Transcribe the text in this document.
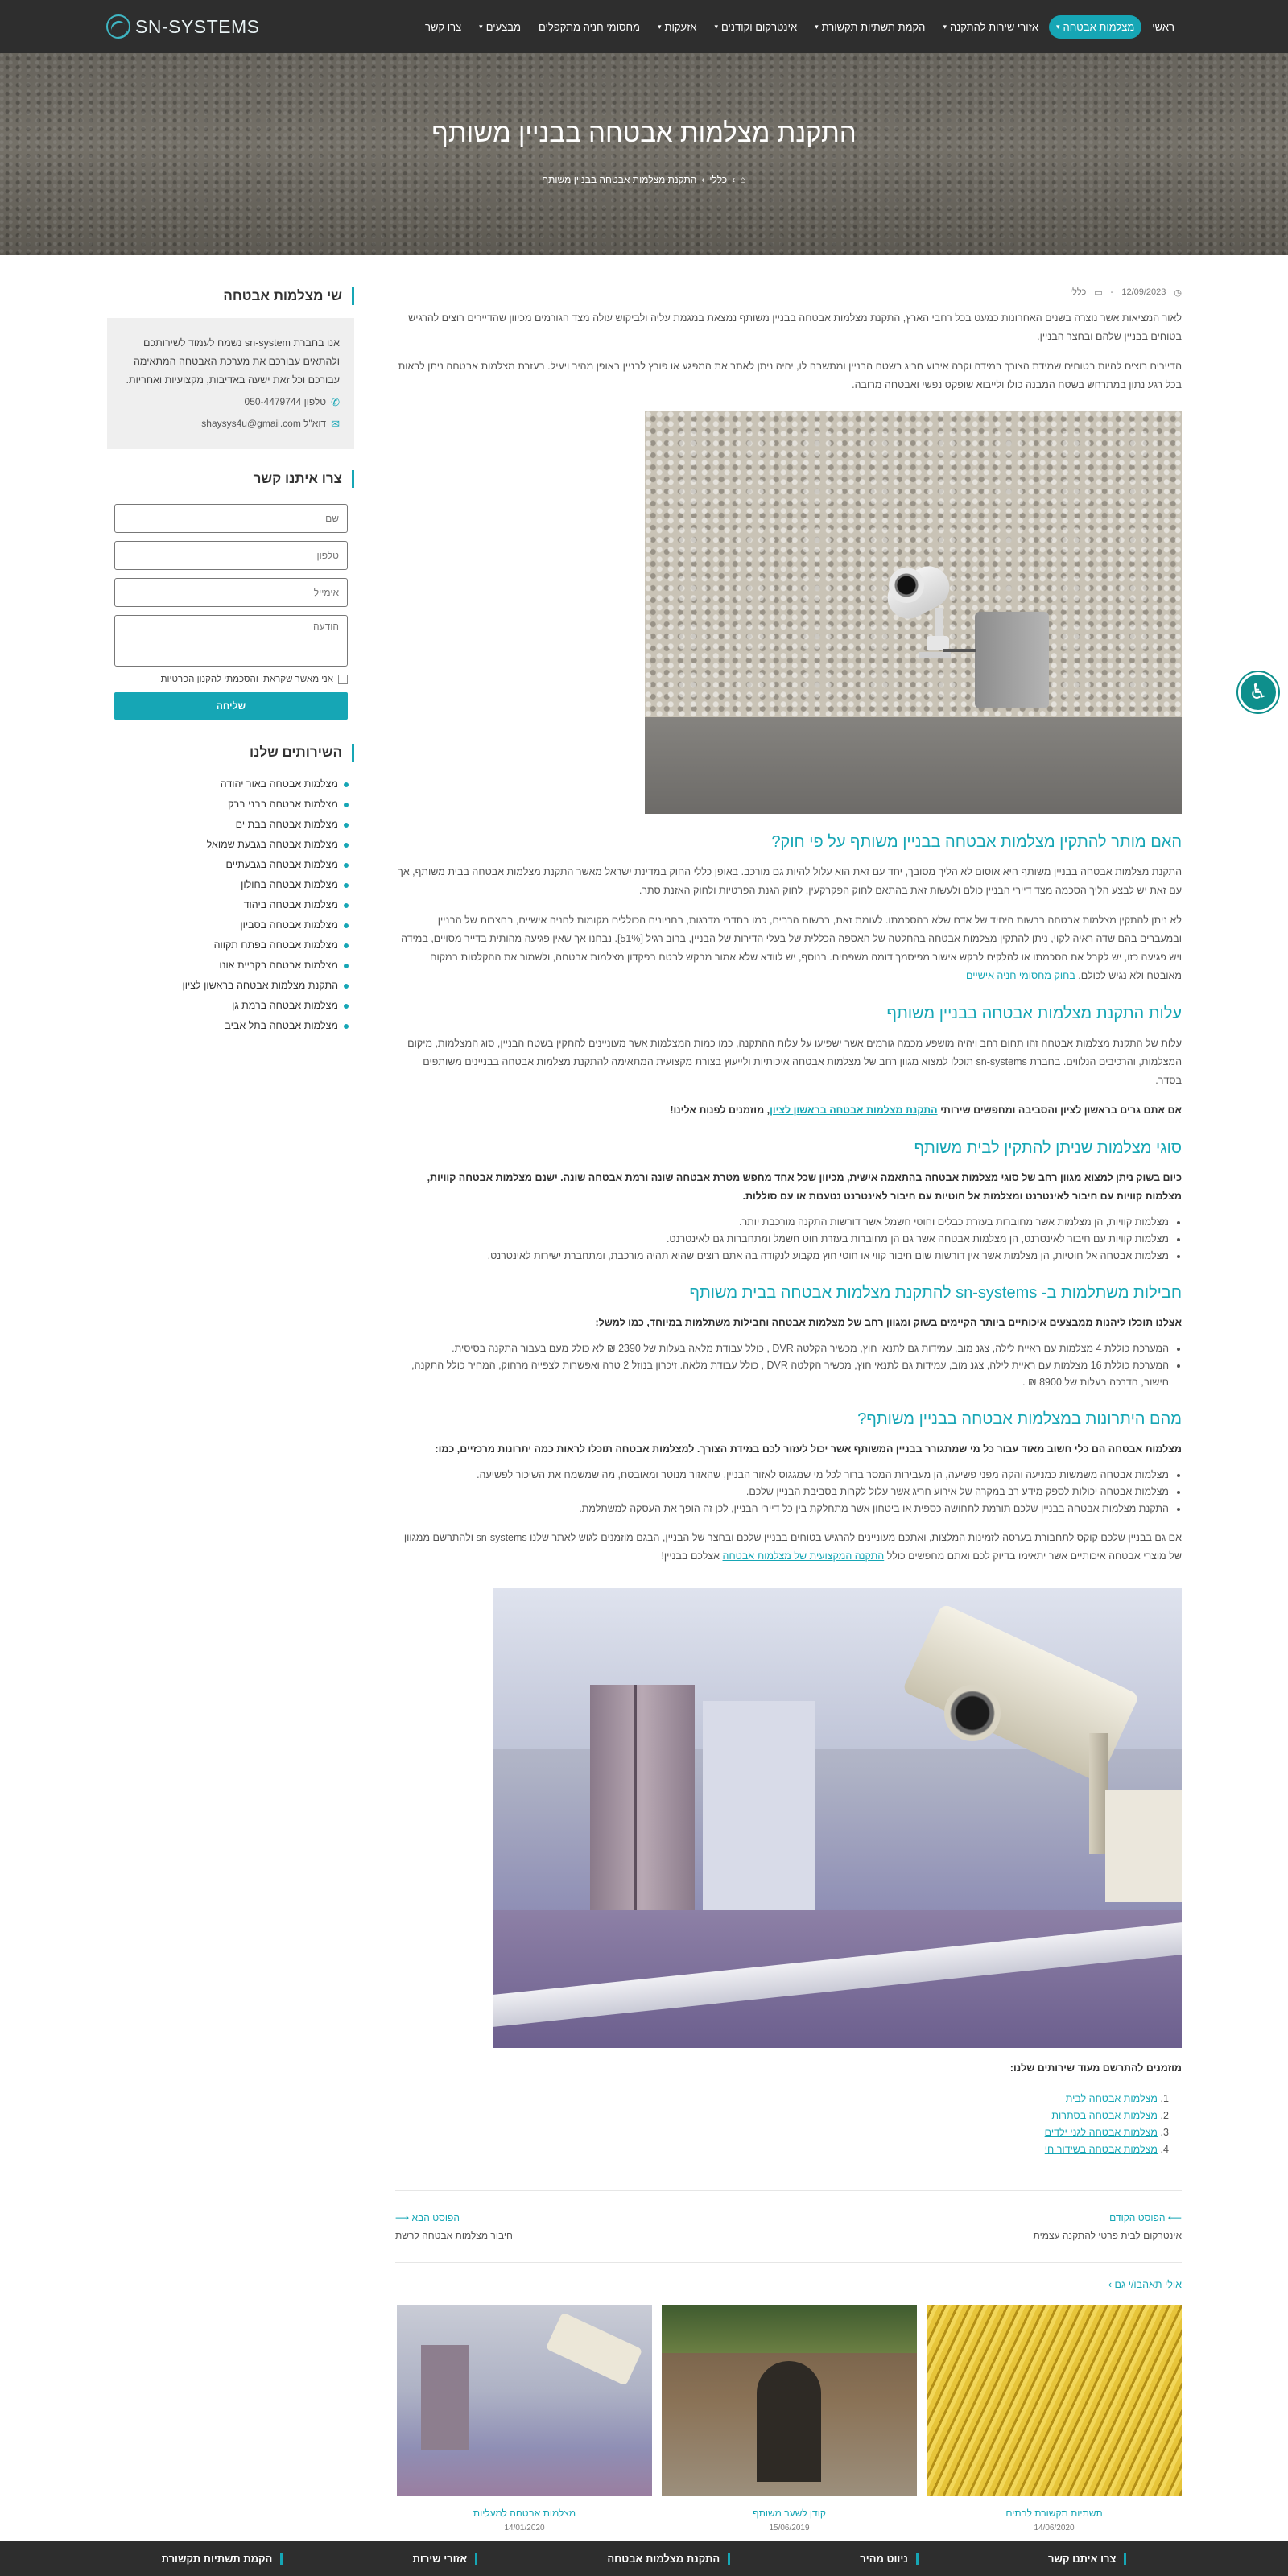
ראשי
מצלמות אבטחה
▾
אזורי שירות להתקנה
▾
הקמת תשתיות תקשורת
▾
אינטרקום וקודנים
▾
אזעקות
▾
מחסומי חניה מתקפלים
מבצעים
▾
צרו קשר
SN-SYSTEMS
התקנת מצלמות אבטחה בבניין משותף
⌂
›
כללי
›
התקנת מצלמות אבטחה בבניין משותף
◷
12/09/2023
-
▭
כללי

לאור המציאות אשר נוצרה בשנים האחרונות כמעט בכל רחבי הארץ, התקנת מצלמות אבטחה בבניין משותף נמצאת במגמת עליה ולביקוש עולה מצד הגורמים מכיוון שהדיירים רוצים להרגיש בטוחים בבניין שלהם ובחצר הבניין.

הדיירים רוצים להיות בטוחים שמידת הצורך במידה וקרה אירוע חריג בשטח הבניין ומתשבה לו, יהיה ניתן לאתר את המפגע או פורץ לבניין באופן מהיר ויעיל. בעזרת מצלמות אבטחה ניתן לראות בכל רגע נתון במתרחש בשטח המבנה כולו ולייבוא שופקט נפשי ואבטחה מרובה.

האם מותר להתקין מצלמות אבטחה בבניין משותף על פי חוק?

התקנת מצלמות אבטחה בבניין משותף היא אוסום לא הליך מסובך, יחד עם זאת הוא עלול להיות גם מורכב. באופן כללי החוק במדינת ישראל מאשר התקנת מצלמות אבטחה בבית משותף, אך עם זאת יש לבצע הליך הסכמה מצד דיירי הבניין כולם ולעשות זאת בהתאם לחוק הפקרקעין, לחוק הגנת הפרטיות ולחוק האזנת סתר.

לא ניתן להתקין מצלמות אבטחה ברשות היחיד של אדם שלא בהסכמתו. לעומת זאת, ברשות הרבים, כמו בחדרי מדרגות, בחניונים הכוללים מקומות לחניה אישיים, בחצרות של הבניין ובמעברים בהם שדה ראיה לקוי, ניתן להתקין מצלמות אבטחה בהחלטה של האספה הכללית של בעלי הדירות של הבניין, ברוב רגיל [51%]. נבחנו אך שאין פגיעה מהותית בדייר מסויים, במידה ויש פגיעה כזו, יש לקבל את הסכמתו או להלקים לבקש אישור מפיסמך דומה משפחים. בנוסף, יש לוודא שלא אמור מבקש לבטח בפקדון מצלמות אבטחה, ולשמור את ההקלטות במקום מאובטח ולא נגיש לכולם. בחוק מחסומי חניה אישיים

עלות התקנת מצלמות אבטחה בבניין משותף

עלות של התקנת מצלמות אבטחה זהו תחום רחב ויהיה מושפע מכמה גורמים אשר ישפיעו על עלות ההתקנה, כמו כמות המצלמות אשר מעוניינים להתקין בשטח הבניין, סוג המצלמות, מיקום המצלמות, והרכיבים הנלווים. בחברת sn-systems תוכלו למצוא מגוון רחב של מצלמות אבטחה איכותיות ולייעוץ בצורת מקצועית המתאימה להתקנת מצלמות אבטחה בבניינים משותפים בסדר.

אם אתם גרים בראשון לציון והסביבה ומחפשים שירותי התקנת מצלמות אבטחה בראשון לציון, מוזמנים לפנות אלינו!

סוגי מצלמות שניתן להתקין לבית משותף

כיום בשוק ניתן למצוא מגוון רחב של סוגי מצלמות אבטחה בהתאמה אישית, מכיוון שכל אחד מחפש מטרת אבטחה שונה ורמת אבטחה שונה. ישנם מצלמות אבטחה קוויות, מצלמות קוויות עם חיבור לאינטרנט ומצלמות אל חוטיות עם חיבור לאינטרנט נטענות או עם סוללות.

• מצלמות קוויות, הן מצלמות אשר מחוברות בעזרת כבלים וחוטי חשמל אשר דורשות התקנה מורכבת יותר.
• מצלמות קוויות עם חיבור לאינטרנט, הן מצלמות אבטחה אשר גם הן מחוברות בעזרת חוט חשמל ומתחברות גם לאינטרנט.
• מצלמות אבטחה אל חוטיות, הן מצלמות אשר אין דורשות שום חיבור קווי או חוטי חוץ מקבוע לנקודה בה אתם רוצים שהיא תהיה מורכבת, ומתחברת ישירות לאינטרנט.
חבילות משתלמות ב- sn-systems להתקנת מצלמות אבטחה בבית משותף

אצלנו תוכלו ליהנות ממבצעים איכותיים ביותר הקיימים בשוק ומגוון רחב של מצלמות אבטחה וחבילות משתלמות במיוחד, כמו למשל:

• המערכת כוללת 4 מצלמות עם ראיית לילה, צגנ מוב, עמידות גם לתנאי חוץ, מכשיר הקלטה DVR , כולל עבודת מלאה בעלות של 2390 ₪ לא כולל מעם בעבור התקנה בסיסית.
• המערכת כוללת 16 מצלמות עם ראיית לילה, צגנ מוב, עמידות גם לתנאי חוץ, מכשיר הקלטה DVR , כולל עבודת מלאה. זיכרון בנוזל 2 טרה ואפשרות לצפייה מרחוק, המחיר כולל התקנה, חישוב, הדרכה בעלות של 8900 ₪ .
מהם היתרונות במצלמות אבטחה בבניין משותף?

מצלמות אבטחה הם כלי חשוב מאוד עבור כל מי שמתגורר בבניין המשותף אשר יכול לעזור לכם במידת הצורך. למצלמות אבטחה תוכלו לראות כמה יתרונות מרכזיים, כמו:

• מצלמות אבטחה משמשות כמניעה והקה מפני פשיעה, הן מעבירות המסר ברור לכל מי שמגגוס לאזור הבניין, שהאזור מנוטר ומאובטח, מה שמשמח את השיכור לפשיעה.
• מצלמות אבטחה יכולות לספק מידע רב במקרה של אירוע חריג אשר עלול לקרות בסביבת הבניין שלכם.
• התקנת מצלמות אבטחה בבניין שלכם תורמת לתחושה כספית או ביטחון אשר מתחלקת בין כל דיירי הבניין, לכן זה הופך את העסקה למשתלמת.

אם גם בבניין שלכם קוקס לתחבורת בערסה לזמינות המלצות, ואתכם מעוניינים להרגיש בטוחים בבניין שלכם ובחצר של הבניין, הבגם מוזמנים לגוש לאתר שלנו sn-systems ולהתרשם ממגוון של מוצרי אבטחה איכותיים אשר יתאימו בדיוק לכם ואתם מחפשים כולל התקנה המקצועית של מצלמות אבטחה אצלכם בבניין!

מוזמנים להתרשם מעוד שירותים שלנו:

1. מצלמות אבטחה לבית
2. מצלמות אבטחה בסתרות
3. מצלמות אבטחה לגני ילדים
4. מצלמות אבטחה בשידור חי
⟵ הפוסט הקודם
אינטרקום לבית פרטי להתקנה עצמית
הפוסט הבא ⟶
חיבור מצלמות אבטחה לרשת
אולי תאהבו/י גם ›
תשתיות תקשורת לבתים
14/06/2020
קודן לשער משותף
15/06/2019
מצלמות אבטחה למעליות
14/01/2020
שי מצלמות אבטחה

אנו בחברת sn-system נשמח לעמוד לשירותכם ולהתאים עבורכם את מערכת האבטחה המתאימה עבורכם וכל זאת ישעה באדיבות, מקצועיות ואחריות.

✆
טלפון 050-4479744
✉
דוא"ל shaysys4u@gmail.com
צרו איתנו קשר
שם
טלפון
אימייל
הודעה
אני מאשר שקראתי והסכמתי להקנון הפרטיות
שליחה
השירותים שלנו
מצלמות אבטחה באור יהודה
מצלמות אבטחה בבני ברק
מצלמות אבטחה בבת ים
מצלמות אבטחה בגבעת שמואל
מצלמות אבטחה בגבעתיים
מצלמות אבטחה בחולון
מצלמות אבטחה ביהוד
מצלמות אבטחה בסביון
מצלמות אבטחה בפתח תקווה
מצלמות אבטחה בקריית אונו
התקנת מצלמות אבטחה בראשון לציון
מצלמות אבטחה ברמת גן
מצלמות אבטחה בתל אביב
♿
צרו איתנו קשר
ניווט מהיר
התקנת מצלמות אבטחה
אזורי שירות
הקמת תשתיות תקשורת
